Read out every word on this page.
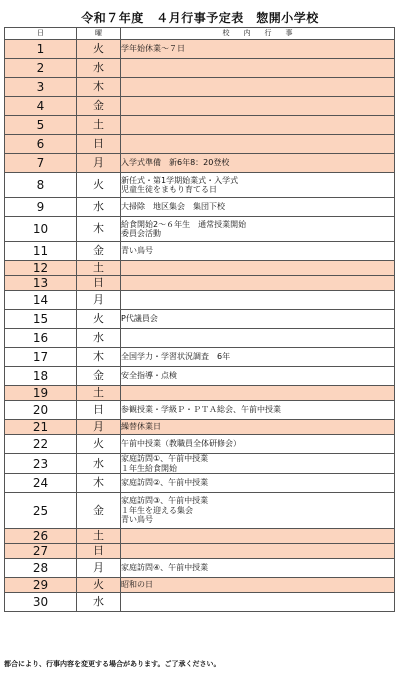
令和７年度　４月行事予定表　惣開小学校
日	曜	校　　内　　行　　事
1	火	学年始休業〜７日
2	水	
3	木	
4	金	
5	土	
6	日	
7	月	入学式準備　新6年8：20登校
8	火	新任式・第1学期始業式・入学式
児童生徒をまもり育てる日
9	水	大掃除　地区集会　集団下校
10	木	給食開始2〜６年生　通常授業開始
委員会活動
11	金	青い鳥号
12	土	
13	日	
14	月	
15	火	P代議員会
16	水	
17	木	全国学力・学習状況調査　6年
18	金	安全指導・点検
19	土	
20	日	参観授業・学級Ｐ・ＰＴＡ総会、午前中授業
21	月	繰替休業日
22	火	午前中授業（教職員全体研修会）
23	水	家庭訪問①、午前中授業
１年生給食開始
24	木	家庭訪問②、午前中授業
25	金	家庭訪問③、午前中授業
１年生を迎える集会
青い鳥号
26	土	
27	日	
28	月	家庭訪問④、午前中授業
29	火	昭和の日
30	水	
都合により、行事内容を変更する場合があります。ご了承ください。
